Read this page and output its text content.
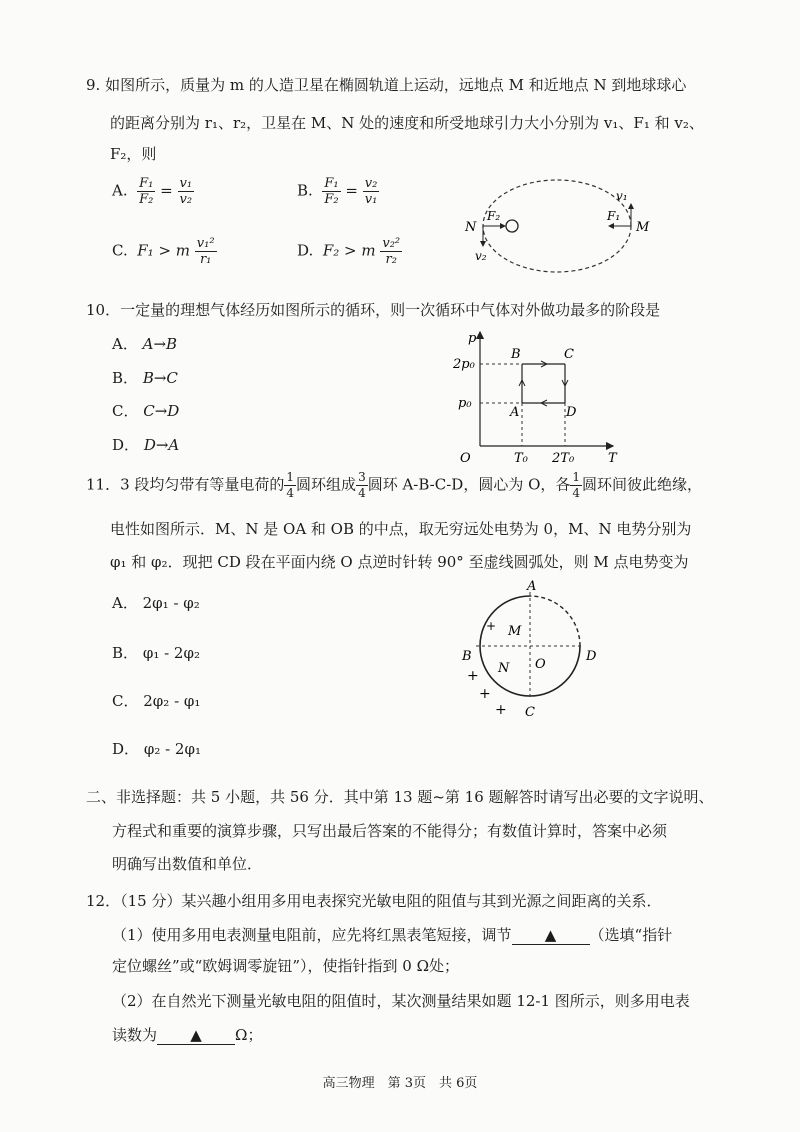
9. 如图所示，质量为 m 的人造卫星在椭圆轨道上运动，远地点 M 和近地点 N 到地球球心
的距离分别为 r₁、r₂，卫星在 M、N 处的速度和所受地球引力大小分别为 v₁、F₁ 和 v₂、
F₂，则
A. $\frac{\text{F₁}}{\text{F₂}} = \frac{\text{v₁}}{\text{v₂}}$	B. $\frac{\text{F₁}}{\text{F₂}} = \frac{\text{v₂}}{\text{v₁}}$
C. F₁ > m $\frac{\text{v₁²}}{\text{r₁}}$	D. F₂ > m $\frac{\text{v₂²}}{\text{r₂}}$
N	M
F₂
v₂
F₁
v₁
10．一定量的理想气体经历如图所示的循环，则一次循环中气体对外做功最多的阶段是
A． A→B
B． B→C
C． C→D
D． D→A
p
T
O
2p₀
p₀
T₀ 2T₀
A
B	C
D
11．3 段均匀带有等量电荷的 $\frac{1}{4}$ 圆环组成 $\frac{3}{4}$ 圆环 A-B-C-D，圆心为 O，各 $\frac{1}{4}$ 圆环间彼此绝缘，
电性如图所示．M、N 是 OA 和 OB 的中点，取无穷远处电势为 0，M、N 电势分别为
φ₁ 和 φ₂．现把 CD 段在平面内绕 O 点逆时针转 90° 至虚线圆弧处，则 M 点电势变为
A． 2φ₁ - φ₂
B． φ₁ - 2φ₂
C． 2φ₂ - φ₁
D． φ₂ - 2φ₁
A
B
C
D
M
N O
+
+
+
+
二、非选择题：共 5 小题，共 56 分．其中第 13 题~第 16 题解答时请写出必要的文字说明、
方程式和重要的演算步骤，只写出最后答案的不能得分；有数值计算时，答案中必须
明确写出数值和单位．
12．（15 分）某兴趣小组用多用电表探究光敏电阻的阻值与其到光源之间距离的关系．
（1）使用多用电表测量电阻前，应先将红黑表笔短接，调节 ▲ （选填“指针
定位螺丝”或“欧姆调零旋钮”），使指针指到 0 Ω处；
（2）在自然光下测量光敏电阻的阻值时，某次测量结果如题 12-1 图所示，则多用电表
读数为 ▲ Ω；
高三物理　第 3页　共 6页
